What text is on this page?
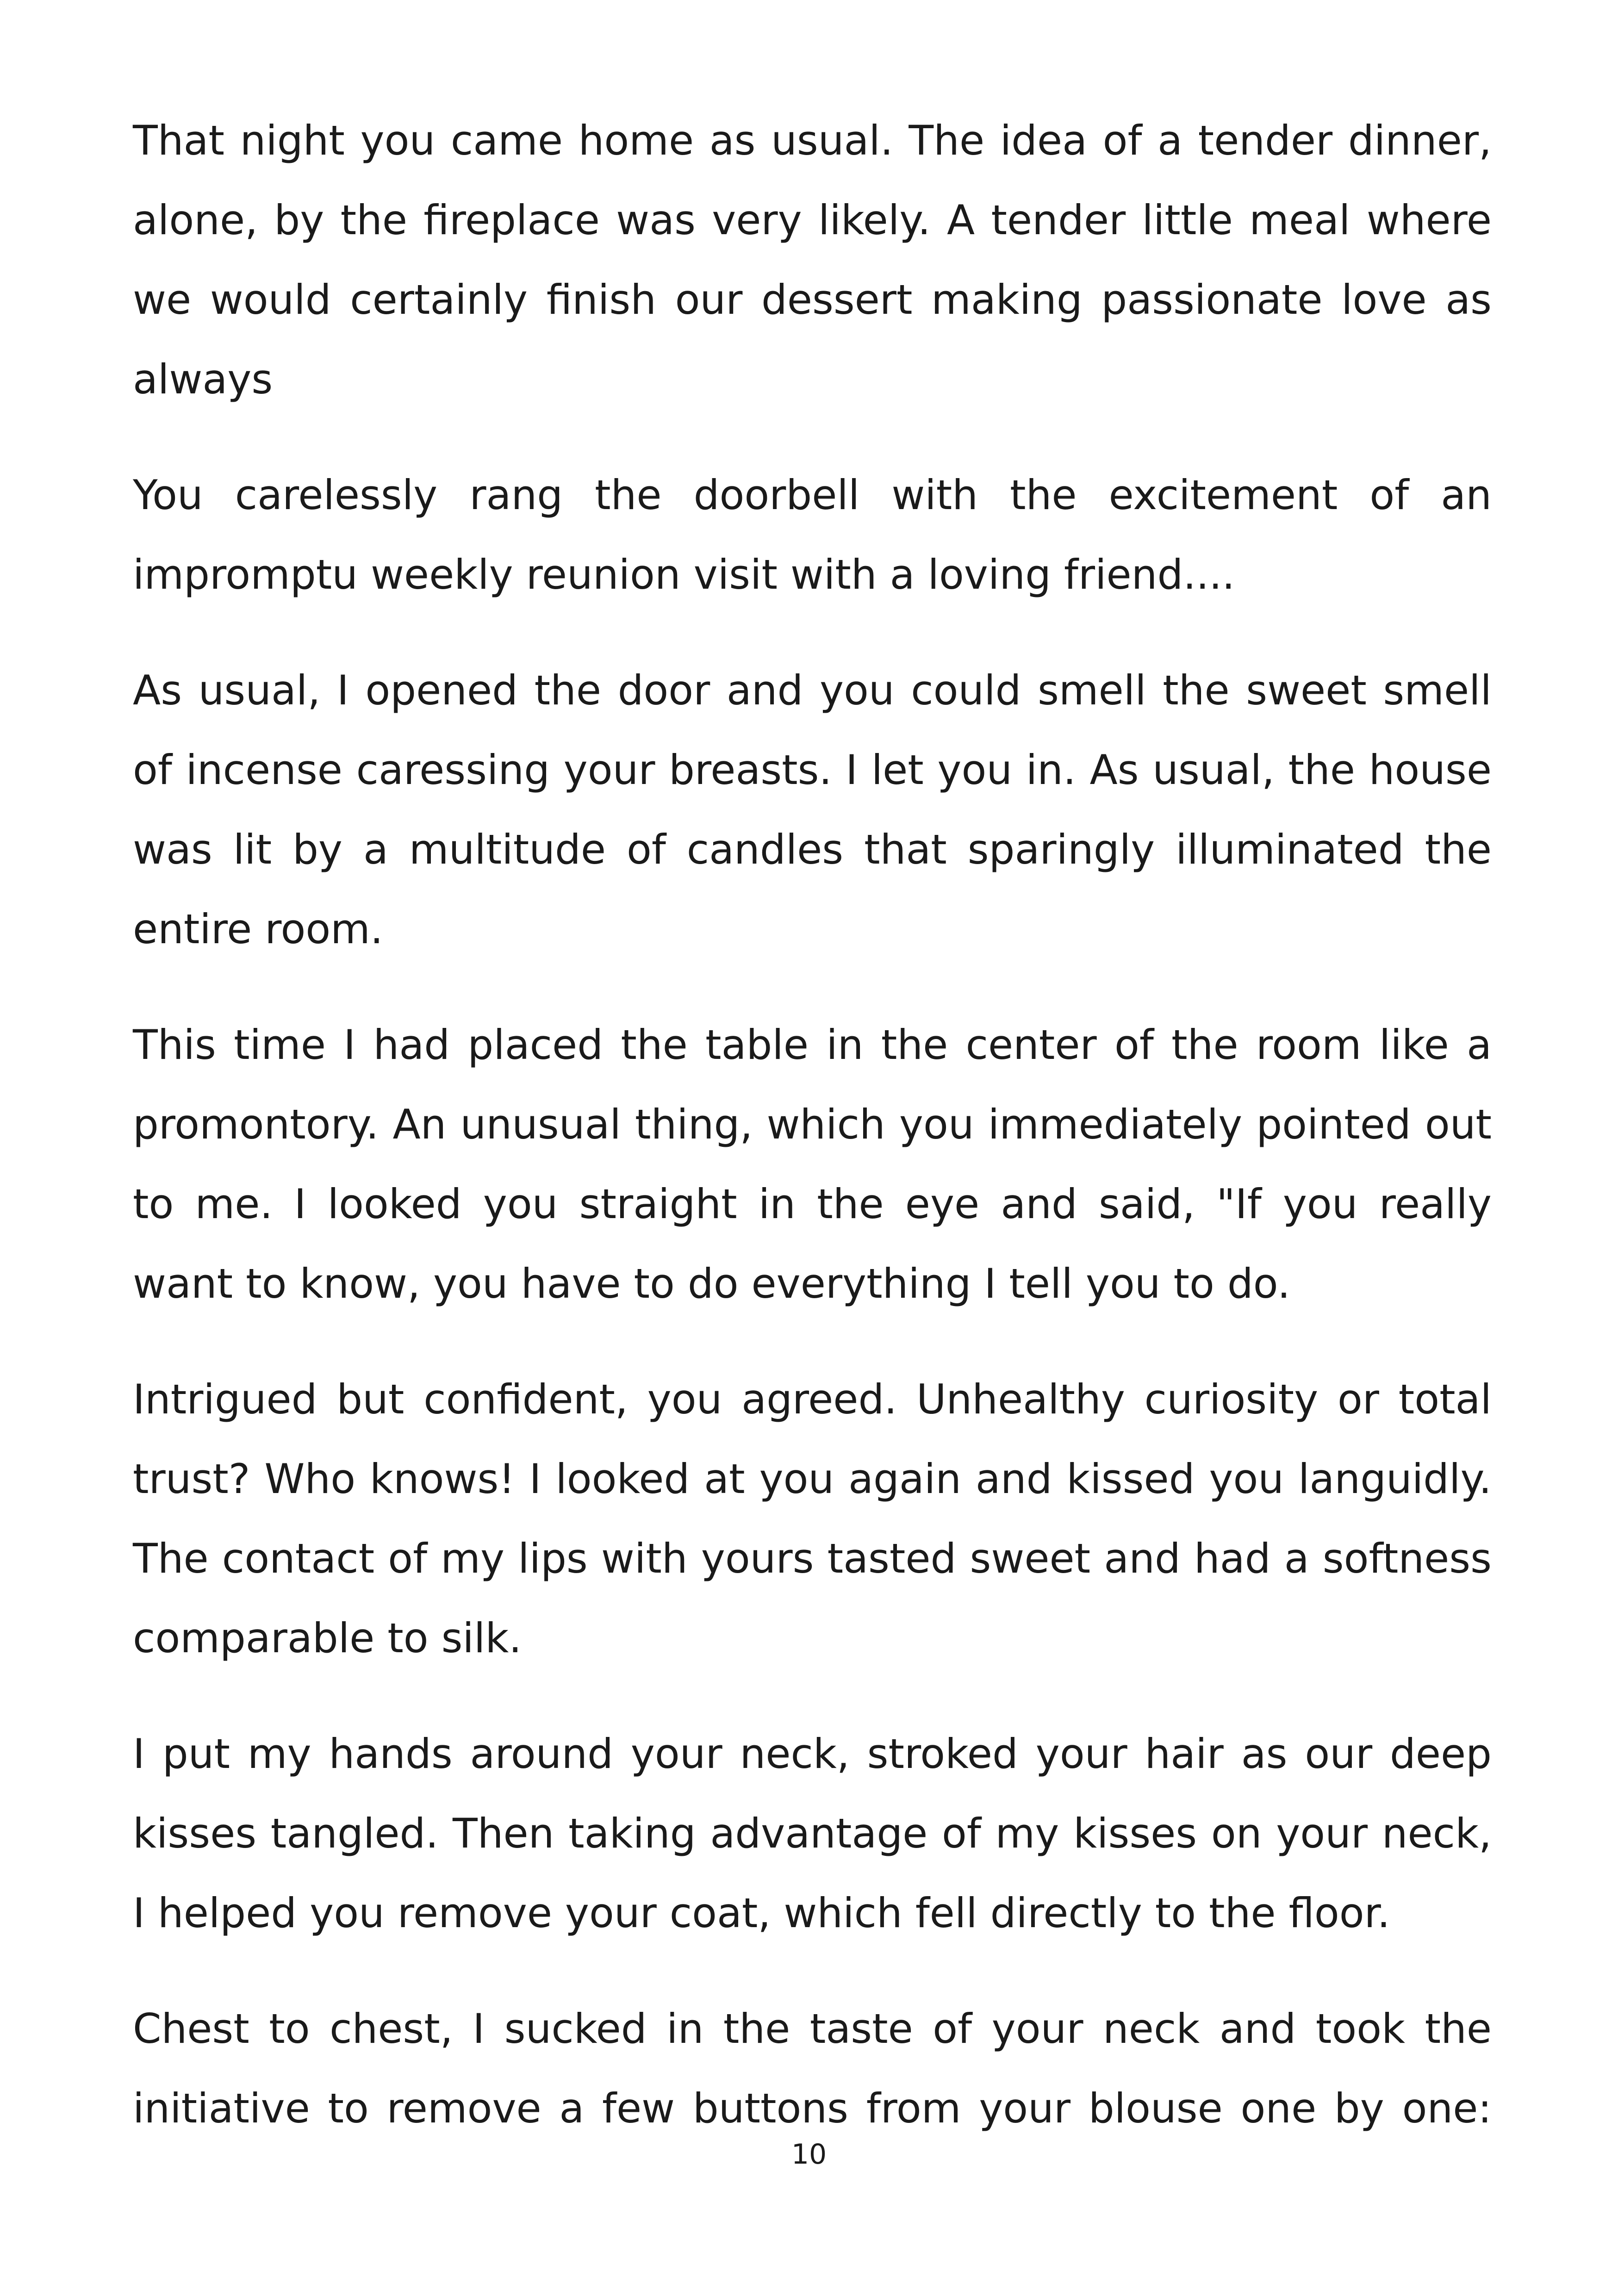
That night you came home as usual. The idea of a tender dinner, alone, by the fireplace was very likely. A tender little meal where we would certainly finish our dessert making passionate love as always

You carelessly rang the doorbell with the excitement of an impromptu weekly reunion visit with a loving friend....

As usual, I opened the door and you could smell the sweet smell of incense caressing your breasts. I let you in. As usual, the house was lit by a multitude of candles that sparingly illuminated the entire room.

This time I had placed the table in the center of the room like a promontory. An unusual thing, which you immediately pointed out to me. I looked you straight in the eye and said, "If you really want to know, you have to do everything I tell you to do.

Intrigued but confident, you agreed. Unhealthy curiosity or total trust? Who knows! I looked at you again and kissed you languidly. The contact of my lips with yours tasted sweet and had a softness comparable to silk.

I put my hands around your neck, stroked your hair as our deep kisses tangled. Then taking advantage of my kisses on your neck, I helped you remove your coat, which fell directly to the floor.

Chest to chest, I sucked in the taste of your neck and took the initiative to remove a few buttons from your blouse one by one:

10
